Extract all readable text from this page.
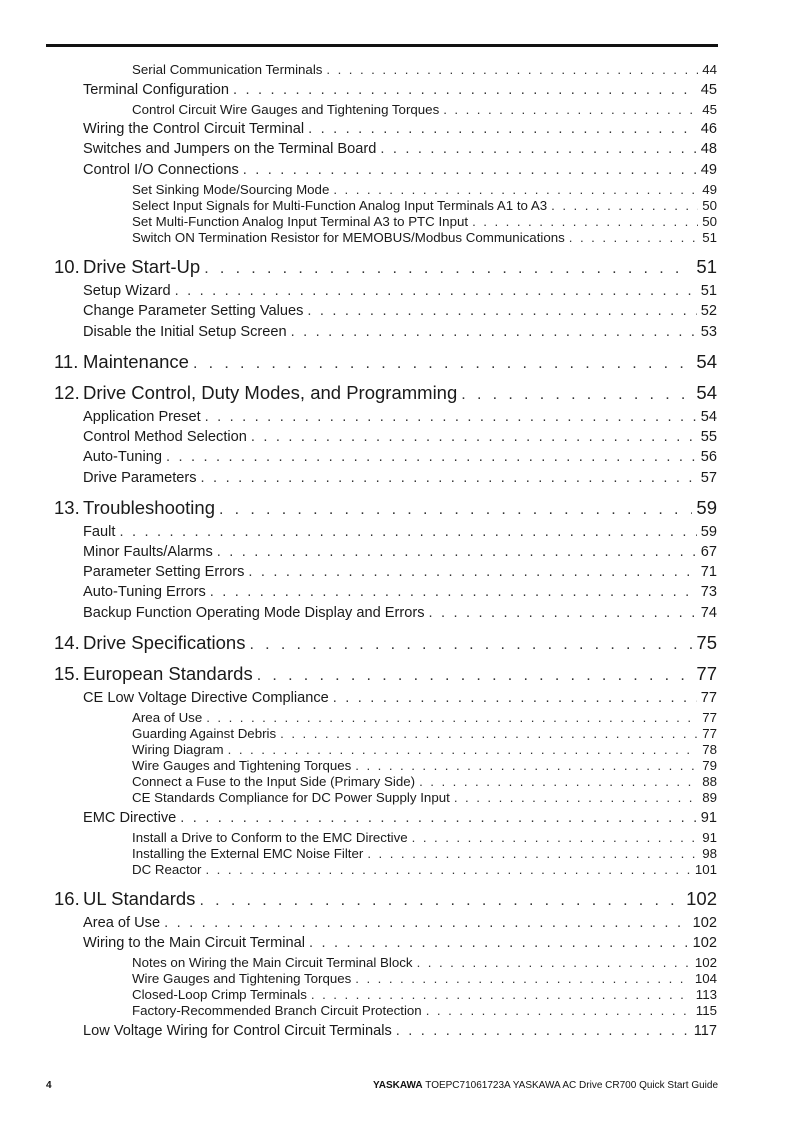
Serial Communication Terminals . . .	44
Terminal Configuration . . .	45
Control Circuit Wire Gauges and Tightening Torques . . .	45
Wiring the Control Circuit Terminal . . .	46
Switches and Jumpers on the Terminal Board . . .	48
Control I/O Connections . . .	49
Set Sinking Mode/Sourcing Mode . . .	49
Select Input Signals for Multi-Function Analog Input Terminals A1 to A3 . . .	50
Set Multi-Function Analog Input Terminal A3 to PTC Input . . .	50
Switch ON Termination Resistor for MEMOBUS/Modbus Communications . . .	51
10. Drive Start-Up . . .	51
Setup Wizard . . .	51
Change Parameter Setting Values . . .	52
Disable the Initial Setup Screen . . .	53
11. Maintenance . . .	54
12. Drive Control, Duty Modes, and Programming . . .	54
Application Preset . . .	54
Control Method Selection . . .	55
Auto-Tuning . . .	56
Drive Parameters . . .	57
13. Troubleshooting . . .	59
Fault . . .	59
Minor Faults/Alarms . . .	67
Parameter Setting Errors . . .	71
Auto-Tuning Errors . . .	73
Backup Function Operating Mode Display and Errors . . .	74
14. Drive Specifications . . .	75
15. European Standards . . .	77
CE Low Voltage Directive Compliance . . .	77
Area of Use . . .	77
Guarding Against Debris . . .	77
Wiring Diagram . . .	78
Wire Gauges and Tightening Torques . . .	79
Connect a Fuse to the Input Side (Primary Side) . . .	88
CE Standards Compliance for DC Power Supply Input . . .	89
EMC Directive . . .	91
Install a Drive to Conform to the EMC Directive . . .	91
Installing the External EMC Noise Filter . . .	98
DC Reactor . . .	101
16. UL Standards . . .	102
Area of Use . . .	102
Wiring to the Main Circuit Terminal . . .	102
Notes on Wiring the Main Circuit Terminal Block . . .	102
Wire Gauges and Tightening Torques . . .	104
Closed-Loop Crimp Terminals . . .	113
Factory-Recommended Branch Circuit Protection . . .	115
Low Voltage Wiring for Control Circuit Terminals . . .	117
4	YASKAWA TOEPC71061723A YASKAWA AC Drive CR700 Quick Start Guide
